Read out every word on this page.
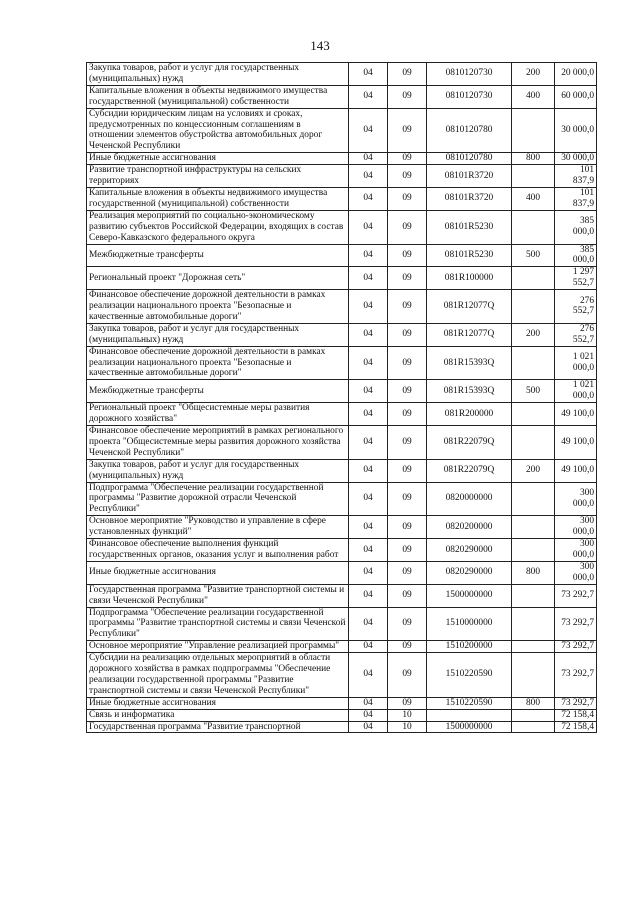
143
Закупка товаров, работ и услуг для государственных (муниципальных) нужд	04	09	0810120730	200	20 000,0
Капитальные вложения в объекты недвижимого имущества государственной (муниципальной) собственности	04	09	0810120730	400	60 000,0
Субсидии юридическим лицам на условиях и сроках, предусмотренных по концессионным соглашениям в отношении элементов обустройства автомобильных дорог Чеченской Республики	04	09	0810120780		30 000,0
Иные бюджетные ассигнования	04	09	0810120780	800	30 000,0
Развитие транспортной инфраструктуры на сельских территориях	04	09	08101R3720		101 837,9
Капитальные вложения в объекты недвижимого имущества государственной (муниципальной) собственности	04	09	08101R3720	400	101 837,9
Реализация мероприятий по социально-экономическому развитию субъектов Российской Федерации, входящих в состав Северо-Кавказского федерального округа	04	09	08101R5230		385 000,0
Межбюджетные трансферты	04	09	08101R5230	500	385 000,0
Региональный проект "Дорожная сеть"	04	09	081R100000		1 297 552,7
Финансовое обеспечение дорожной деятельности в рамках реализации национального проекта "Безопасные и качественные автомобильные дороги"	04	09	081R12077Q		276 552,7
Закупка товаров, работ и услуг для государственных (муниципальных) нужд	04	09	081R12077Q	200	276 552,7
Финансовое обеспечение дорожной деятельности в рамках реализации национального проекта "Безопасные и качественные автомобильные дороги"	04	09	081R15393Q		1 021 000,0
Межбюджетные трансферты	04	09	081R15393Q	500	1 021 000,0
Региональный проект "Общесистемные меры развития дорожного хозяйства"	04	09	081R200000		49 100,0
Финансовое обеспечение мероприятий в рамках регионального проекта "Общесистемные меры развития дорожного хозяйства Чеченской Республики"	04	09	081R22079Q		49 100,0
Закупка товаров, работ и услуг для государственных (муниципальных) нужд	04	09	081R22079Q	200	49 100,0
Подпрограмма "Обеспечение реализации государственной программы "Развитие дорожной отрасли Чеченской Республики"	04	09	0820000000		300 000,0
Основное мероприятие "Руководство и управление в сфере установленных функций"	04	09	0820200000		300 000,0
Финансовое обеспечение выполнения функций государственных органов, оказания услуг и выполнения работ	04	09	0820290000		300 000,0
Иные бюджетные ассигнования	04	09	0820290000	800	300 000,0
Государственная программа "Развитие транспортной системы и связи Чеченской Республики"	04	09	1500000000		73 292,7
Подпрограмма "Обеспечение реализации государственной программы "Развитие транспортной системы и связи Чеченской Республики"	04	09	1510000000		73 292,7
Основное мероприятие "Управление реализацией программы"	04	09	1510200000		73 292,7
Субсидии на реализацию отдельных мероприятий в области дорожного хозяйства в рамках подпрограммы "Обеспечение реализации государственной программы "Развитие транспортной системы и связи Чеченской Республики"	04	09	1510220590		73 292,7
Иные бюджетные ассигнования	04	09	1510220590	800	73 292,7
Связь и информатика	04	10			72 158,4
Государственная программа "Развитие транспортной	04	10	1500000000		72 158,4
